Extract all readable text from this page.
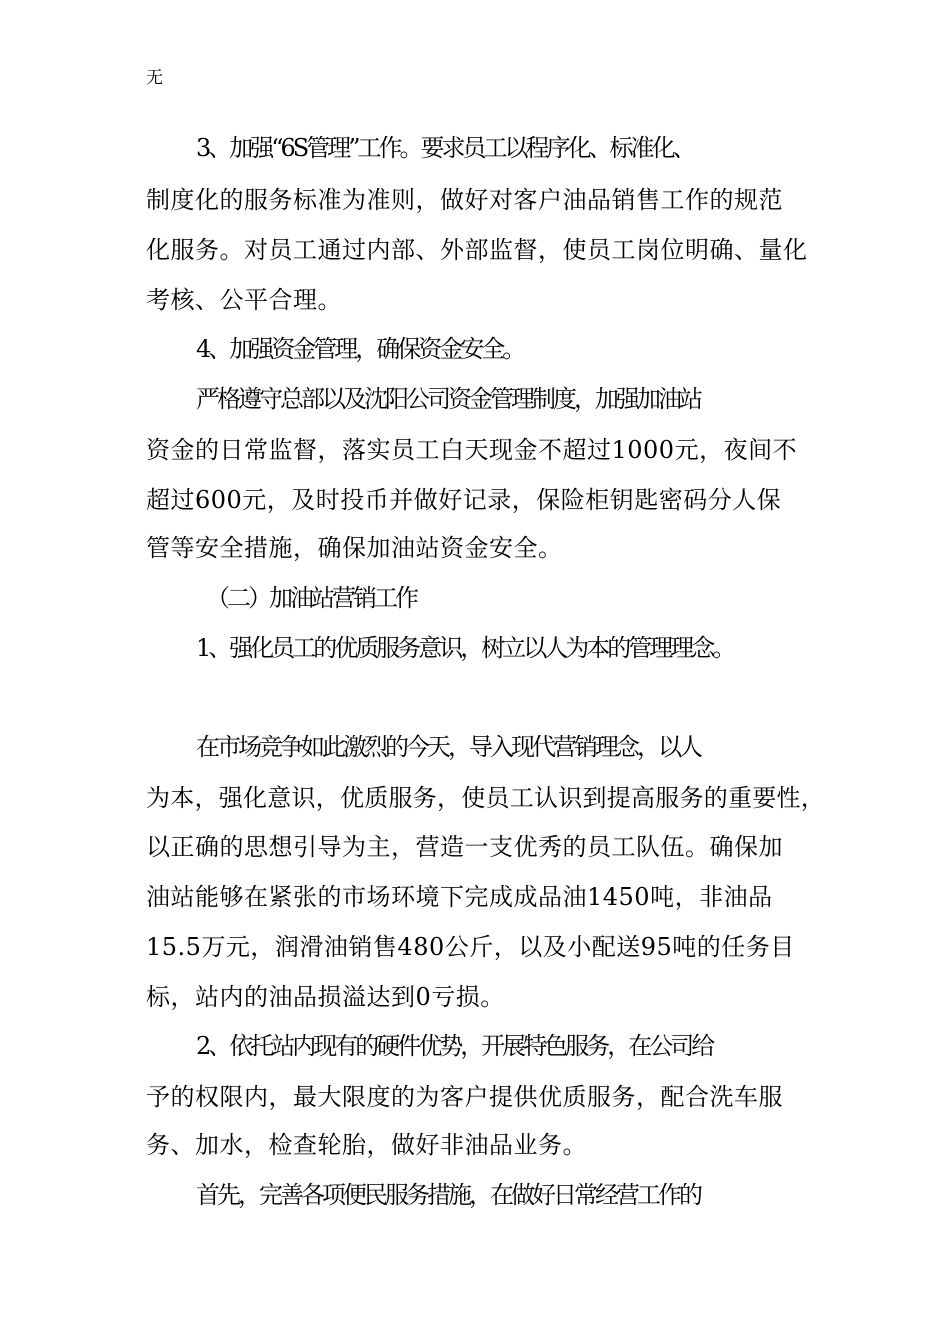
无
3、加强“6S管理”工作。要求员工以程序化、标准化、
制度化的服务标准为准则，做好对客户油品销售工作的规范
化服务。对员工通过内部、外部监督，使员工岗位明确、量化
考核、公平合理。
4、加强资金管理，确保资金安全。
严格遵守总部以及沈阳公司资金管理制度，加强加油站
资金的日常监督，落实员工白天现金不超过1000元，夜间不
超过600元，及时投币并做好记录，保险柜钥匙密码分人保
管等安全措施，确保加油站资金安全。
（二）加油站营销工作
1、强化员工的优质服务意识，树立以人为本的管理理念。
在市场竞争如此激烈的今天，导入现代营销理念，以人
为本，强化意识，优质服务，使员工认识到提高服务的重要性，
以正确的思想引导为主，营造一支优秀的员工队伍。确保加
油站能够在紧张的市场环境下完成成品油1450吨，非油品
15.5万元，润滑油销售480公斤，以及小配送95吨的任务目
标，站内的油品损溢达到0亏损。
2、依托站内现有的硬件优势，开展特色服务，在公司给
予的权限内，最大限度的为客户提供优质服务，配合洗车服
务、加水，检查轮胎，做好非油品业务。
首先，完善各项便民服务措施，在做好日常经营工作的
